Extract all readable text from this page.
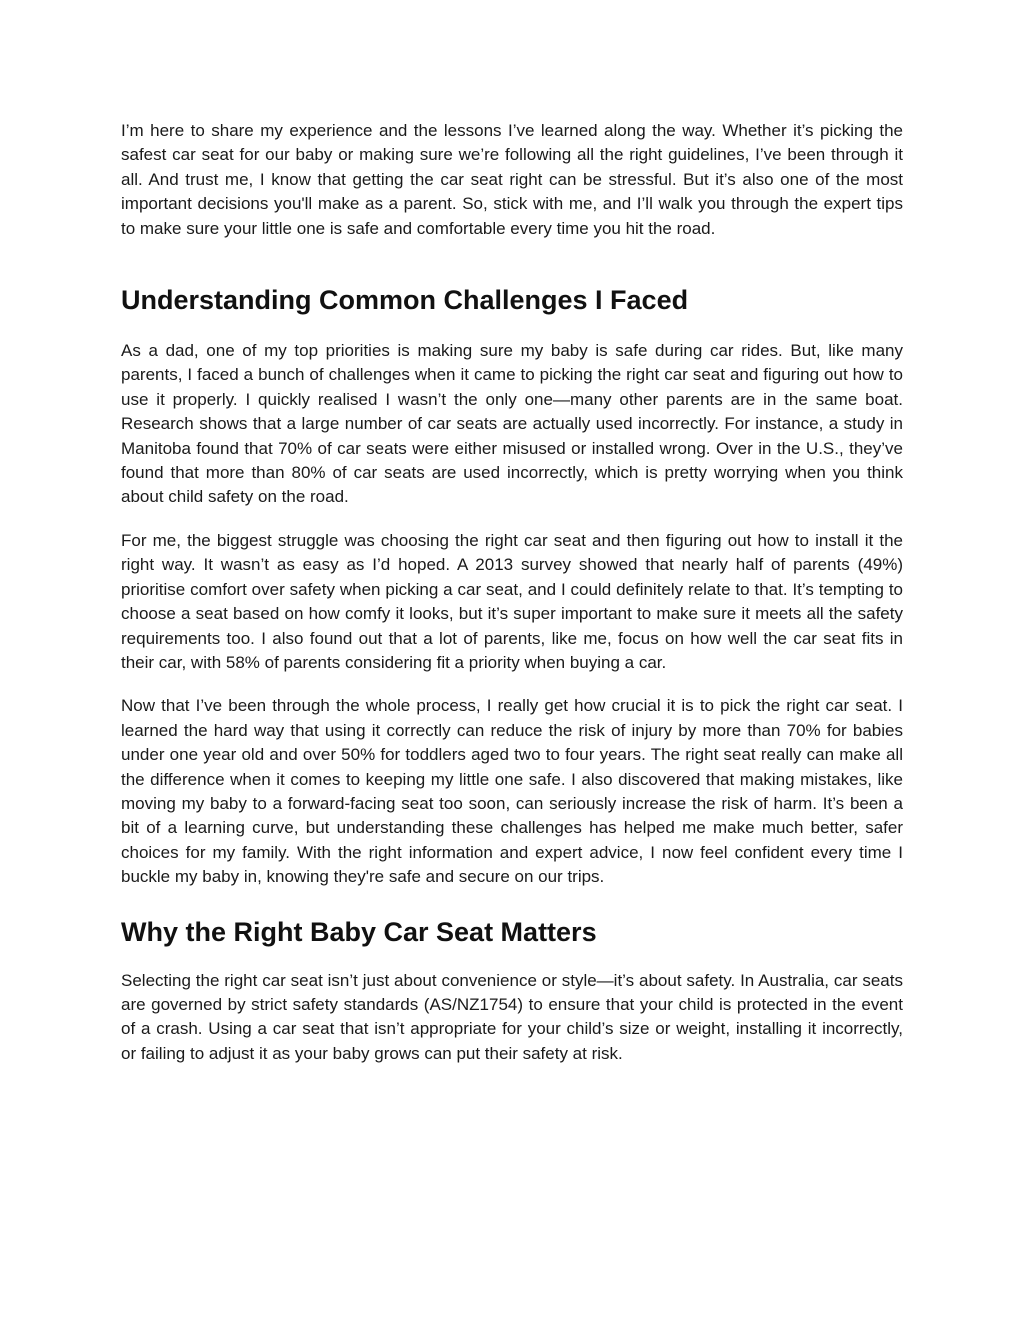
I’m here to share my experience and the lessons I’ve learned along the way. Whether it’s picking the safest car seat for our baby or making sure we’re following all the right guidelines, I’ve been through it all. And trust me, I know that getting the car seat right can be stressful. But it’s also one of the most important decisions you'll make as a parent. So, stick with me, and I’ll walk you through the expert tips to make sure your little one is safe and comfortable every time you hit the road.

Understanding Common Challenges I Faced

As a dad, one of my top priorities is making sure my baby is safe during car rides. But, like many parents, I faced a bunch of challenges when it came to picking the right car seat and figuring out how to use it properly. I quickly realised I wasn’t the only one—many other parents are in the same boat. Research shows that a large number of car seats are actually used incorrectly. For instance, a study in Manitoba found that 70% of car seats were either misused or installed wrong. Over in the U.S., they’ve found that more than 80% of car seats are used incorrectly, which is pretty worrying when you think about child safety on the road.

For me, the biggest struggle was choosing the right car seat and then figuring out how to install it the right way. It wasn’t as easy as I’d hoped. A 2013 survey showed that nearly half of parents (49%) prioritise comfort over safety when picking a car seat, and I could definitely relate to that. It’s tempting to choose a seat based on how comfy it looks, but it’s super important to make sure it meets all the safety requirements too. I also found out that a lot of parents, like me, focus on how well the car seat fits in their car, with 58% of parents considering fit a priority when buying a car.

Now that I’ve been through the whole process, I really get how crucial it is to pick the right car seat. I learned the hard way that using it correctly can reduce the risk of injury by more than 70% for babies under one year old and over 50% for toddlers aged two to four years. The right seat really can make all the difference when it comes to keeping my little one safe. I also discovered that making mistakes, like moving my baby to a forward-facing seat too soon, can seriously increase the risk of harm. It’s been a bit of a learning curve, but understanding these challenges has helped me make much better, safer choices for my family. With the right information and expert advice, I now feel confident every time I buckle my baby in, knowing they're safe and secure on our trips.

Why the Right Baby Car Seat Matters

Selecting the right car seat isn’t just about convenience or style—it’s about safety. In Australia, car seats are governed by strict safety standards (AS/NZ1754) to ensure that your child is protected in the event of a crash. Using a car seat that isn’t appropriate for your child’s size or weight, installing it incorrectly, or failing to adjust it as your baby grows can put their safety at risk.
